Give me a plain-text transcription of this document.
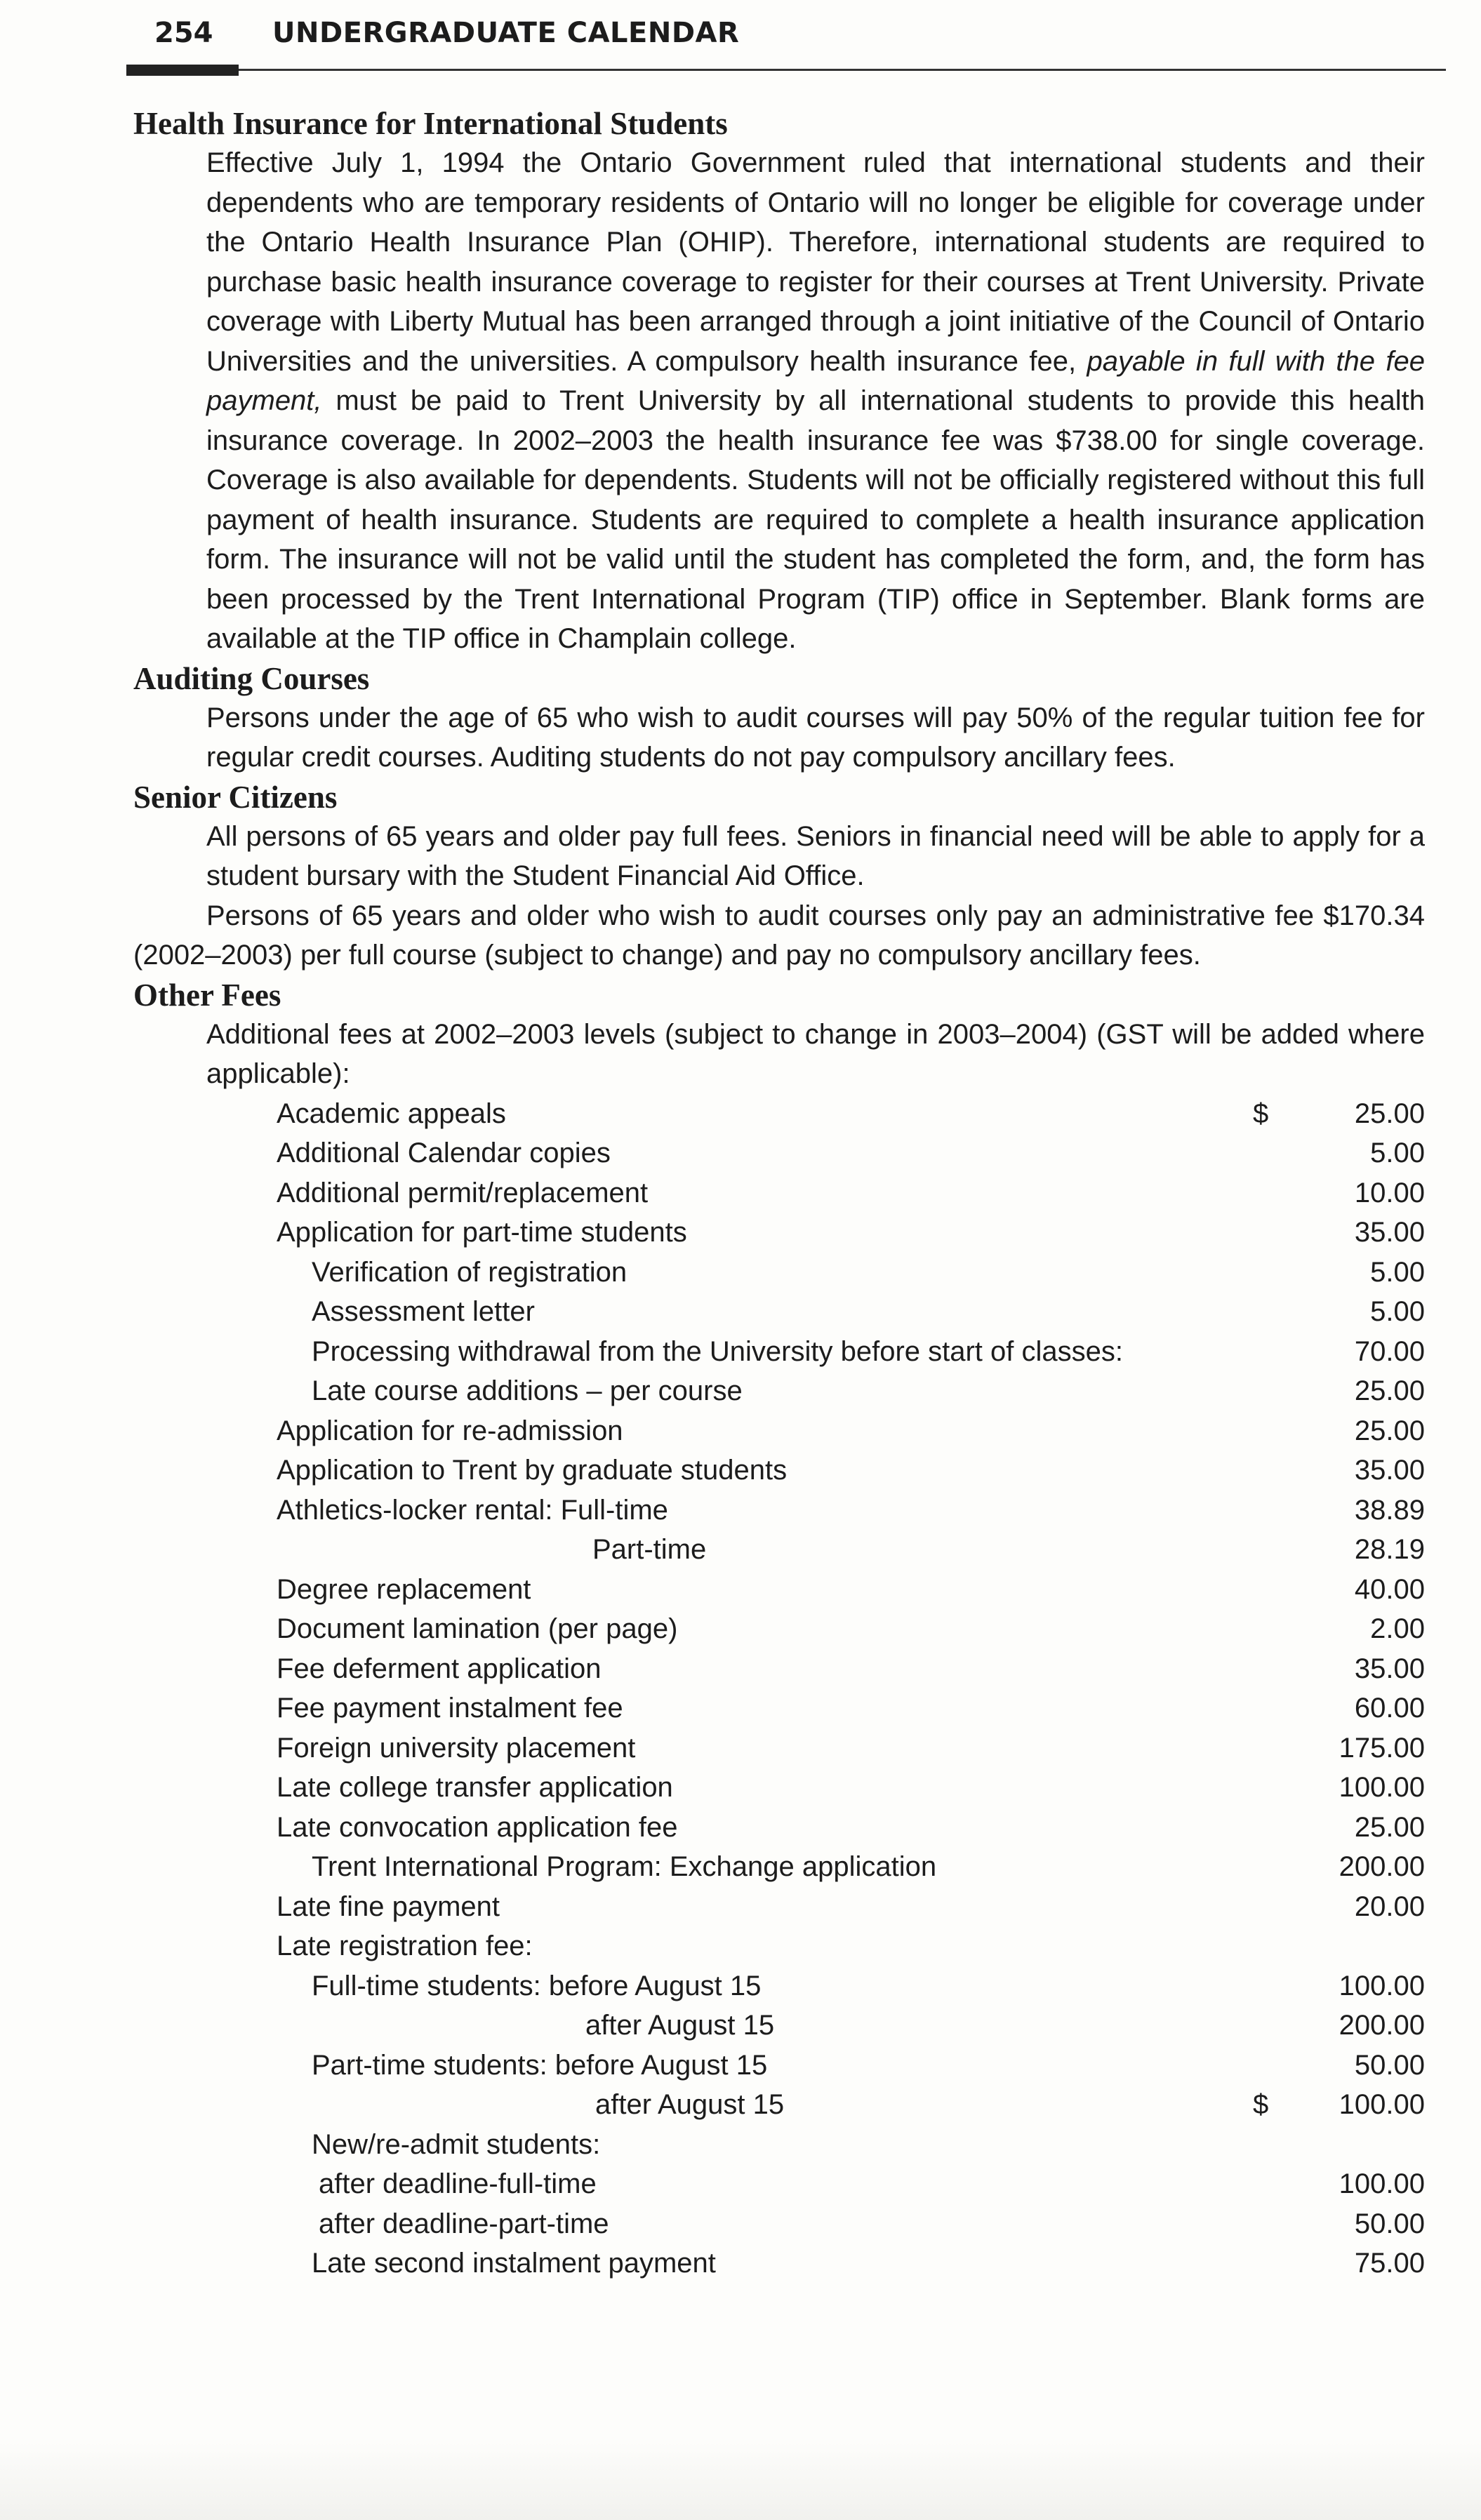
254 UNDERGRADUATE CALENDAR
Health Insurance for International Students
Effective July 1, 1994 the Ontario Government ruled that international students and their dependents who are temporary residents of Ontario will no longer be eligible for coverage under the Ontario Health Insurance Plan (OHIP). Therefore, international students are required to purchase basic health insurance coverage to register for their courses at Trent University. Private coverage with Liberty Mutual has been arranged through a joint initiative of the Council of Ontario Universities and the universities. A compulsory health insurance fee, payable in full with the fee payment, must be paid to Trent University by all international students to provide this health insurance coverage. In 2002–2003 the health insurance fee was $738.00 for single coverage. Coverage is also available for dependents. Students will not be officially registered without this full payment of health insurance. Students are required to complete a health insurance application form. The insurance will not be valid until the student has completed the form, and, the form has been processed by the Trent International Program (TIP) office in September. Blank forms are available at the TIP office in Champlain college.
Auditing Courses
Persons under the age of 65 who wish to audit courses will pay 50% of the regular tuition fee for regular credit courses. Auditing students do not pay compulsory ancillary fees.
Senior Citizens
All persons of 65 years and older pay full fees. Seniors in financial need will be able to apply for a student bursary with the Student Financial Aid Office.
Persons of 65 years and older who wish to audit courses only pay an administrative fee $170.34 (2002–2003) per full course (subject to change) and pay no compulsory ancillary fees.
Other Fees
Additional fees at 2002–2003 levels (subject to change in 2003–2004) (GST will be added where applicable):
Academic appeals	$	25.00
Additional Calendar copies	5.00
Additional permit/replacement	10.00
Application for part-time students	35.00
Verification of registration	5.00
Assessment letter	5.00
Processing withdrawal from the University before start of classes:	70.00
Late course additions – per course	25.00
Application for re-admission	25.00
Application to Trent by graduate students	35.00
Athletics-locker rental: Full-time	38.89
Part-time	28.19
Degree replacement	40.00
Document lamination (per page)	2.00
Fee deferment application	35.00
Fee payment instalment fee	60.00
Foreign university placement	175.00
Late college transfer application	100.00
Late convocation application fee	25.00
Trent International Program: Exchange application	200.00
Late fine payment	20.00
Late registration fee:
Full-time students: before August 15	100.00
after August 15	200.00
Part-time students: before August 15	50.00
after August 15	$	100.00
New/re-admit students:
after deadline-full-time	100.00
after deadline-part-time	50.00
Late second instalment payment	75.00
